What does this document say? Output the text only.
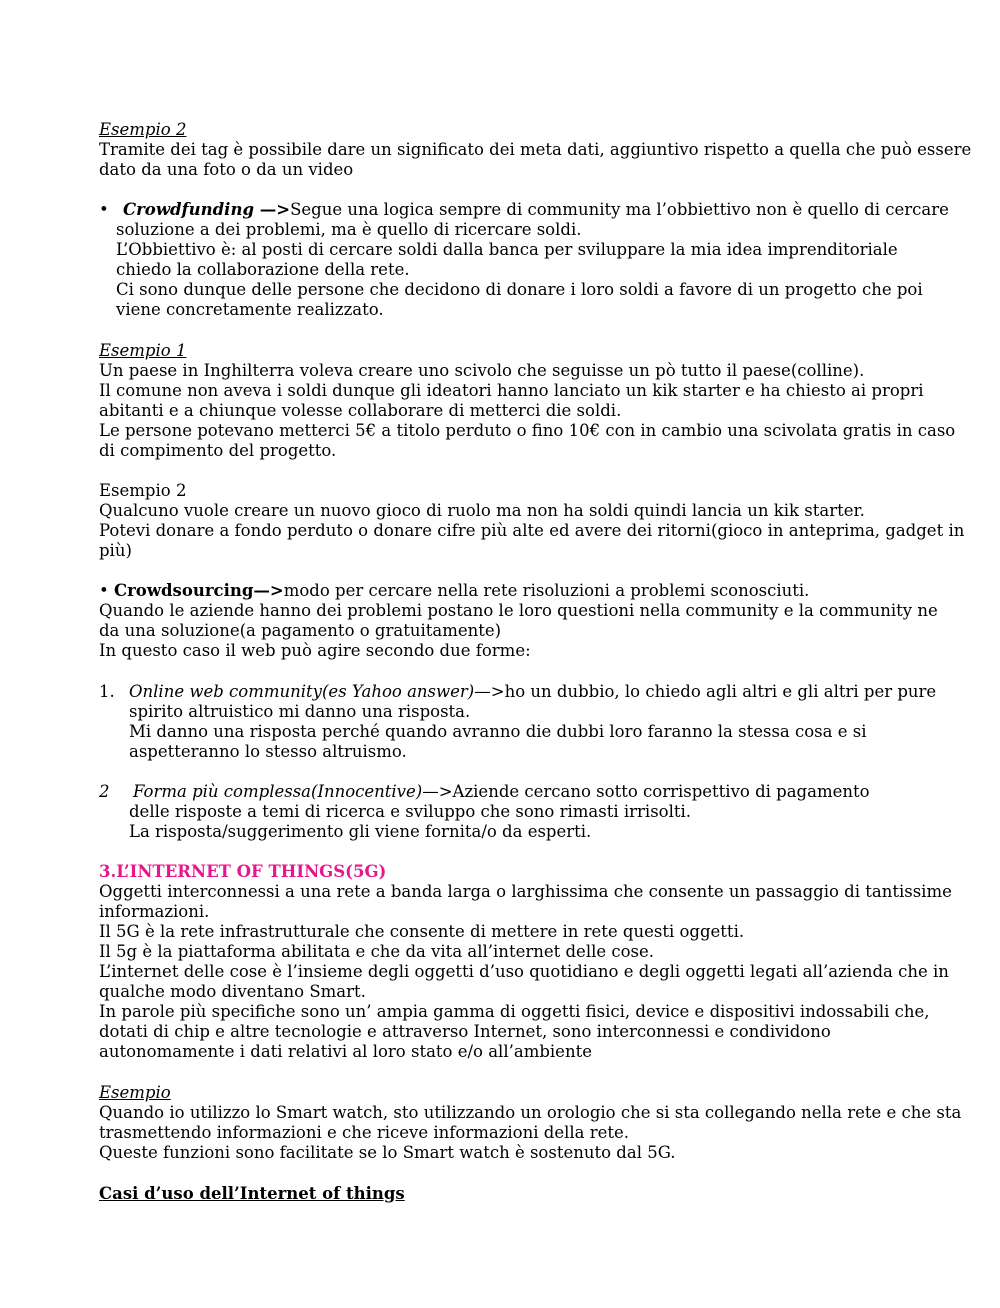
Esempio 2
Tramite dei tag è possibile dare un significato dei meta dati, aggiuntivo rispetto a quella che può essere
dato da una foto o da un video
• Crowdfunding —>Segue una logica sempre di community ma l’obbiettivo non è quello di cercare
soluzione a dei problemi, ma è quello di ricercare soldi.
L’Obbiettivo è: al posti di cercare soldi dalla banca per sviluppare la mia idea imprenditoriale
chiedo la collaborazione della rete.
Ci sono dunque delle persone che decidono di donare i loro soldi a favore di un progetto che poi
viene concretamente realizzato.
Esempio 1
Un paese in Inghilterra voleva creare uno scivolo che seguisse un pò tutto il paese(colline).
Il comune non aveva i soldi dunque gli ideatori hanno lanciato un kik starter e ha chiesto ai propri
abitanti e a chiunque volesse collaborare di metterci die soldi.
Le persone potevano metterci 5€ a titolo perduto o fino 10€ con in cambio una scivolata gratis in caso
di compimento del progetto.
Esempio 2
Qualcuno vuole creare un nuovo gioco di ruolo ma non ha soldi quindi lancia un kik starter.
Potevi donare a fondo perduto o donare cifre più alte ed avere dei ritorni(gioco in anteprima, gadget in
più)
• Crowdsourcing—>modo per cercare nella rete risoluzioni a problemi sconosciuti.
Quando le aziende hanno dei problemi postano le loro questioni nella community e la community ne
da una soluzione(a pagamento o gratuitamente)
In questo caso il web può agire secondo due forme:
1. Online web community(es Yahoo answer)—>ho un dubbio, lo chiedo agli altri e gli altri per pure
spirito altruistico mi danno una risposta.
Mi danno una risposta perché quando avranno die dubbi loro faranno la stessa cosa e si
aspetteranno lo stesso altruismo.
2 Forma più complessa(Innocentive)—>Aziende cercano sotto corrispettivo di pagamento
delle risposte a temi di ricerca e sviluppo che sono rimasti irrisolti.
La risposta/suggerimento gli viene fornita/o da esperti.
3.L’INTERNET OF THINGS(5G)
Oggetti interconnessi a una rete a banda larga o larghissima che consente un passaggio di tantissime
informazioni.
Il 5G è la rete infrastrutturale che consente di mettere in rete questi oggetti.
Il 5g è la piattaforma abilitata e che da vita all’internet delle cose.
L’internet delle cose è l’insieme degli oggetti d’uso quotidiano e degli oggetti legati all’azienda che in
qualche modo diventano Smart.
In parole più specifiche sono un’ ampia gamma di oggetti fisici, device e dispositivi indossabili che,
dotati di chip e altre tecnologie e attraverso Internet, sono interconnessi e condividono
autonomamente i dati relativi al loro stato e/o all’ambiente
Esempio
Quando io utilizzo lo Smart watch, sto utilizzando un orologio che si sta collegando nella rete e che sta
trasmettendo informazioni e che riceve informazioni della rete.
Queste funzioni sono facilitate se lo Smart watch è sostenuto dal 5G.
Casi d’uso dell’Internet of things
